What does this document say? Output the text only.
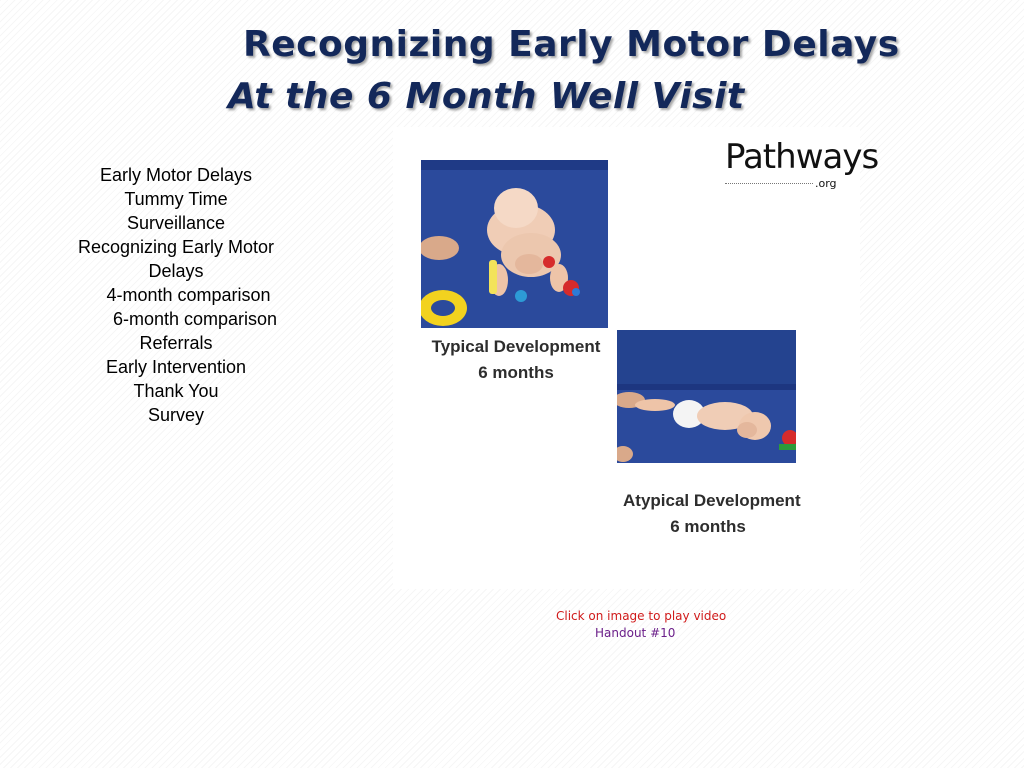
Recognizing Early Motor Delays
At the 6 Month Well Visit
Early Motor Delays
Tummy Time
Surveillance
Recognizing Early Motor Delays
4-month comparison
6-month comparison
Referrals
Early Intervention
Thank You
Survey
Pathways
.org
Typical Development
6 months
Atypical Development
6 months
Click on image to play video
Handout #10
